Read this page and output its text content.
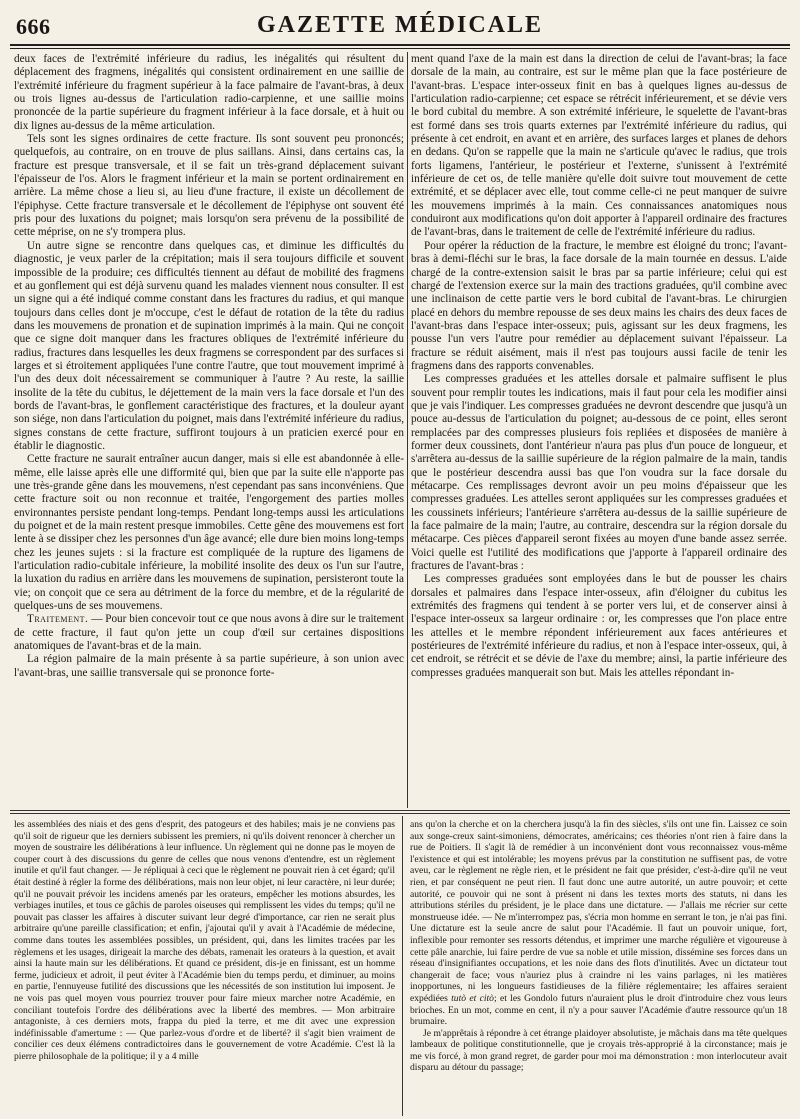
666	GAZETTE MÉDICALE

deux faces de l'extrémité inférieure du radius, les inégalités qui résultent du déplacement des fragmens, inégalités qui consistent ordinairement en une saillie de l'extrémité inférieure du fragment supérieur à la face palmaire de l'avant-bras, à deux ou trois lignes au-dessus de l'articulation radio-carpienne, et une saillie moins prononcée de la partie supérieure du fragment inférieur à la face dorsale, et à huit ou dix lignes au-dessus de la même articulation.

Tels sont les signes ordinaires de cette fracture. Ils sont souvent peu prononcés; quelquefois, au contraire, on en trouve de plus saillans. Ainsi, dans certains cas, la fracture est presque transversale, et il se fait un très-grand déplacement suivant l'épaisseur de l'os. Alors le fragment inférieur et la main se portent ordinairement en arrière. La même chose a lieu si, au lieu d'une fracture, il existe un décollement de l'épiphyse. Cette fracture transversale et le décollement de l'épiphyse ont souvent été pris pour des luxations du poignet; mais lorsqu'on sera prévenu de la possibilité de cette méprise, on ne s'y trompera plus.

Un autre signe se rencontre dans quelques cas, et diminue les difficultés du diagnostic, je veux parler de la crépitation; mais il sera toujours difficile et souvent impossible de la produire; ces difficultés tiennent au défaut de mobilité des fragmens et au gonflement qui est déjà survenu quand les malades viennent nous consulter. Il est un signe qui a été indiqué comme constant dans les fractures du radius, et qui manque toujours dans celles dont je m'occupe, c'est le défaut de rotation de la tête du radius dans les mouvemens de pronation et de supination imprimés à la main. Qui ne conçoit que ce signe doit manquer dans les fractures obliques de l'extrémité inférieure du radius, fractures dans lesquelles les deux fragmens se correspondent par des surfaces si larges et si étroitement appliquées l'une contre l'autre, que tout mouvement imprimé à l'un des deux doit nécessairement se communiquer à l'autre ? Au reste, la saillie insolite de la tête du cubitus, le déjettement de la main vers la face dorsale et l'un des bords de l'avant-bras, le gonflement caractéristique des fractures, et la douleur ayant son siége, non dans l'articulation du poignet, mais dans l'extrémité inférieure du radius, signes constans de cette fracture, suffiront toujours à un praticien exercé pour en établir le diagnostic.

Cette fracture ne saurait entraîner aucun danger, mais si elle est abandonnée à elle-même, elle laisse après elle une difformité qui, bien que par la suite elle n'apporte pas une très-grande gêne dans les mouvemens, n'est cependant pas sans inconvéniens. Que cette fracture soit ou non reconnue et traitée, l'engorgement des parties molles environnantes persiste pendant long-temps. Pendant long-temps aussi les articulations du poignet et de la main restent presque immobiles. Cette gêne des mouvemens est fort lente à se dissiper chez les personnes d'un âge avancé; elle dure bien moins long-temps chez les jeunes sujets : si la fracture est compliquée de la rupture des ligamens de l'articulation radio-cubitale inférieure, la mobilité insolite des deux os l'un sur l'autre, la luxation du radius en arrière dans les mouvemens de supination, persisteront toute la vie; on conçoit que ce sera au détriment de la force du membre, et de la régularité de quelques-uns de ses mouvemens.

Traitement. — Pour bien concevoir tout ce que nous avons à dire sur le traitement de cette fracture, il faut qu'on jette un coup d'œil sur certaines dispositions anatomiques de l'avant-bras et de la main.

La région palmaire de la main présente à sa partie supérieure, à son union avec l'avant-bras, une saillie transversale qui se prononce forte-

ment quand l'axe de la main est dans la direction de celui de l'avant-bras; la face dorsale de la main, au contraire, est sur le même plan que la face postérieure de l'avant-bras. L'espace inter-osseux finit en bas à quelques lignes au-dessus de l'articulation radio-carpienne; cet espace se rétrécit inférieurement, et se dévie vers le bord cubital du membre. A son extrémité inférieure, le squelette de l'avant-bras est formé dans ses trois quarts externes par l'extrémité inférieure du radius, qui présente à cet endroit, en avant et en arrière, des surfaces larges et planes de dehors en dedans. Qu'on se rappelle que la main ne s'articule qu'avec le radius, que trois forts ligamens, l'antérieur, le postérieur et l'externe, s'unissent à l'extrémité inférieure de cet os, de telle manière qu'elle doit suivre tout mouvement de cette extrémité, et se déplacer avec elle, tout comme celle-ci ne peut manquer de suivre les mouvemens imprimés à la main. Ces connaissances anatomiques nous conduiront aux modifications qu'on doit apporter à l'appareil ordinaire des fractures de l'avant-bras, dans le traitement de celle de l'extrémité inférieure du radius.

Pour opérer la réduction de la fracture, le membre est éloigné du tronc; l'avant-bras à demi-fléchi sur le bras, la face dorsale de la main tournée en dessus. L'aide chargé de la contre-extension saisit le bras par sa partie inférieure; celui qui est chargé de l'extension exerce sur la main des tractions graduées, qu'il combine avec une inclinaison de cette partie vers le bord cubital de l'avant-bras. Le chirurgien placé en dehors du membre repousse de ses deux mains les chairs des deux faces de l'avant-bras dans l'espace inter-osseux; puis, agissant sur les deux fragmens, les pousse l'un vers l'autre pour remédier au déplacement suivant l'épaisseur. La fracture se réduit aisément, mais il n'est pas toujours aussi facile de tenir les fragmens dans des rapports convenables.

Les compresses graduées et les attelles dorsale et palmaire suffisent le plus souvent pour remplir toutes les indications, mais il faut pour cela les modifier ainsi que je vais l'indiquer. Les compresses graduées ne devront descendre que jusqu'à un pouce au-dessus de l'articulation du poignet; au-dessous de ce point, elles seront remplacées par des compresses plusieurs fois repliées et disposées de manière à former deux coussinets, dont l'antérieur n'aura pas plus d'un pouce de longueur, et s'arrêtera au-dessus de la saillie supérieure de la région palmaire de la main, tandis que le postérieur descendra aussi bas que l'on voudra sur la face dorsale du métacarpe. Ces remplissages devront avoir un peu moins d'épaisseur que les compresses graduées. Les attelles seront appliquées sur les compresses graduées et les coussinets inférieurs; l'antérieure s'arrêtera au-dessus de la saillie supérieure de la face palmaire de la main; l'autre, au contraire, descendra sur la région dorsale du métacarpe. Ces pièces d'appareil seront fixées au moyen d'une bande assez serrée. Voici quelle est l'utilité des modifications que j'apporte à l'appareil ordinaire des fractures de l'avant-bras :

Les compresses graduées sont employées dans le but de pousser les chairs dorsales et palmaires dans l'espace inter-osseux, afin d'éloigner du cubitus les extrémités des fragmens qui tendent à se porter vers lui, et de conserver ainsi à l'espace inter-osseux sa largeur ordinaire : or, les compresses que l'on place entre les attelles et le membre répondent inférieurement aux faces antérieures et postérieures de l'extrémité inférieure du radius, et non à l'espace inter-osseux, qui, à cet endroit, se rétrécit et se dévie de l'axe du membre; ainsi, la partie inférieure des compresses graduées manquerait son but. Mais les attelles répondant in-

les assemblées des niais et des gens d'esprit, des patogeurs et des habiles; mais je ne conviens pas qu'il soit de rigueur que les derniers subissent les premiers, ni qu'ils doivent renoncer à chercher un moyen de soustraire les délibérations à leur influence. Un règlement qui ne donne pas le moyen de couper court à des discussions du genre de celles que nous venons d'entendre, est un règlement inutile et qu'il faut changer. — Je répliquai à ceci que le règlement ne pouvait rien à cet égard; qu'il était destiné à régler la forme des délibérations, mais non leur objet, ni leur caractère, ni leur durée; qu'il ne pouvait prévoir les incidens amenés par les orateurs, empêcher les motions absurdes, les verbiages inutiles, et tous ce gâchis de paroles oiseuses qui remplissent les vides du temps; qu'il ne pouvait pas classer les affaires à discuter suivant leur degré d'importance, car rien ne serait plus arbitraire qu'une pareille classification; et enfin, j'ajoutai qu'il y avait à l'Académie de médecine, comme dans toutes les assemblées possibles, un président, qui, dans les limites tracées par les règlemens et les usages, dirigeait la marche des débats, ramenait les orateurs à la question, et avait ainsi la haute main sur les délibérations. Et quand ce président, dis-je en finissant, est un homme ferme, judicieux et adroit, il peut éviter à l'Académie bien du temps perdu, et diminuer, au moins en partie, l'ennuyeuse futilité des discussions que les nécessités de son institution lui imposent. Je ne vois pas quel moyen vous pourriez trouver pour faire mieux marcher notre Académie, en conciliant toutefois l'ordre des délibérations avec la liberté des membres. — Mon arbitraire antagoniste, à ces derniers mots, frappa du pied la terre, et me dit avec une expression indéfinissable d'amertume : — Que parlez-vous d'ordre et de liberté? il s'agit bien vraiment de concilier ces deux élémens contradictoires dans le gouvernement de votre Académie. C'est là la pierre philosophale de la politique; il y a 4 mille

ans qu'on la cherche et on la cherchera jusqu'à la fin des siècles, s'ils ont une fin. Laissez ce soin aux songe-creux saint-simoniens, démocrates, américains; ces théories n'ont rien à faire dans la rue de Poitiers. Il s'agit là de remédier à un inconvénient dont vous reconnaissez vous-même l'existence et qui est intolérable; les moyens prévus par la constitution ne suffisent pas, de votre aveu, car le règlement ne règle rien, et le président ne fait que présider, c'est-à-dire qu'il ne veut rien, et par conséquent ne peut rien. Il faut donc une autre autorité, un autre pouvoir; et cette autorité, ce pouvoir qui ne sont à présent ni dans les textes morts des statuts, ni dans les attributions stériles du président, je le place dans une dictature. — J'allais me récrier sur cette monstrueuse idée. — Ne m'interrompez pas, s'écria mon homme en serrant le ton, je n'ai pas fini. Une dictature est la seule ancre de salut pour l'Académie. Il faut un pouvoir unique, fort, inflexible pour remonter ses ressorts détendus, et imprimer une marche régulière et vigoureuse à cette pâle anarchie, lui faire perdre de vue sa noble et utile mission, dissémine ses forces dans un réseau d'insignifiantes occupations, et les noie dans des flots d'inutilités. Avec un dictateur tout changerait de face; vous n'auriez plus à craindre ni les vains parlages, ni les matières inopportunes, ni les longueurs fastidieuses de la filière réglementaire; les affaires seraient expédiées tutò et citò; et les Gondolo futurs n'auraient plus le droit d'introduire chez vous leurs brioches. En un mot, comme en cent, il n'y a pour sauver l'Académie d'autre ressource qu'un 18 brumaire.

Je m'apprêtais à répondre à cet étrange plaidoyer absolutiste, je mâchais dans ma tête quelques lambeaux de politique constitutionnelle, que je croyais très-approprié à la circonstance; mais je me vis forcé, à mon grand regret, de garder pour moi ma démonstration : mon interlocuteur avait disparu au détour du passage;
